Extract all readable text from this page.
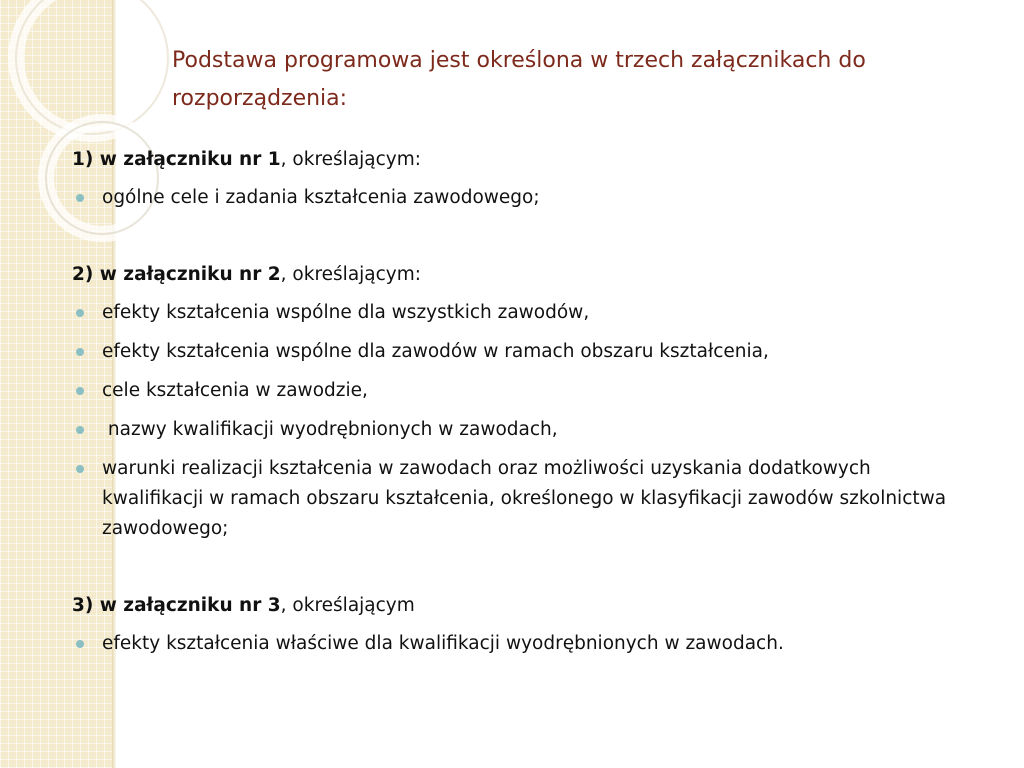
Podstawa programowa jest określona w trzech załącznikach do rozporządzenia:

1) w załączniku nr 1, określającym:

ogólne cele i zadania kształcenia zawodowego;

2) w załączniku nr 2, określającym:

efekty kształcenia wspólne dla wszystkich zawodów,
efekty kształcenia wspólne dla zawodów w ramach obszaru kształcenia,
cele kształcenia w zawodzie,
nazwy kwalifikacji wyodrębnionych w zawodach,
warunki realizacji kształcenia w zawodach oraz możliwości uzyskania dodatkowych kwalifikacji w ramach obszaru kształcenia, określonego w klasyfikacji zawodów szkolnictwa zawodowego;

3) w załączniku nr 3, określającym

efekty kształcenia właściwe dla kwalifikacji wyodrębnionych w zawodach.
